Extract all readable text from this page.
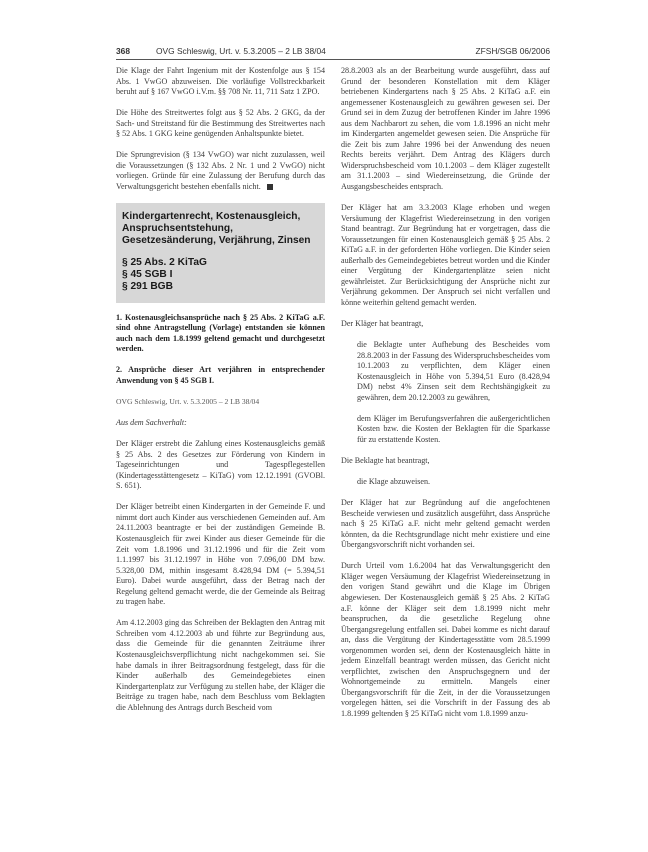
368	OVG Schleswig, Urt. v. 5.3.2005 – 2 LB 38/04	ZFSH/SGB 06/2006

Die Klage der Fahrt Ingenium mit der Kostenfolge aus § 154 Abs. 1 VwGO abzuweisen. Die vorläufige Vollstreckbarkeit beruht auf § 167 VwGO i.V.m. §§ 708 Nr. 11, 711 Satz 1 ZPO.

Die Höhe des Streitwertes folgt aus § 52 Abs. 2 GKG, da der Sach- und Streitstand für die Bestimmung des Streitwertes nach § 52 Abs. 1 GKG keine genügenden Anhaltspunkte bietet.

Die Sprungrevision (§ 134 VwGO) war nicht zuzulassen, weil die Voraussetzungen (§ 132 Abs. 2 Nr. 1 und 2 VwGO) nicht vorliegen. Gründe für eine Zulassung der Berufung durch das Verwaltungsgericht bestehen ebenfalls nicht.

Kindergartenrecht, Kostenausgleich, Anspruchsentstehung, Gesetzesänderung, Verjährung, Zinsen
§ 25 Abs. 2 KiTaG
§ 45 SGB I
§ 291 BGB

1. Kostenausgleichsansprüche nach § 25 Abs. 2 KiTaG a.F. sind ohne Antragstellung (Vorlage) entstanden sie können auch nach dem 1.8.1999 geltend gemacht und durchgesetzt werden.

2. Ansprüche dieser Art verjähren in entsprechender Anwendung von § 45 SGB I.

OVG Schleswig, Urt. v. 5.3.2005 – 2 LB 38/04

Aus dem Sachverhalt:

Der Kläger erstrebt die Zahlung eines Kostenausgleichs gemäß § 25 Abs. 2 des Gesetzes zur Förderung von Kindern in Tageseinrichtungen und Tagespflegestellen (Kindertagesstättengesetz – KiTaG) vom 12.12.1991 (GVOBl. S. 651).

Der Kläger betreibt einen Kindergarten in der Gemeinde F. und nimmt dort auch Kinder aus verschiedenen Gemeinden auf. Am 24.11.2003 beantragte er bei der zuständigen Gemeinde B. Kostenausgleich für zwei Kinder aus dieser Gemeinde für die Zeit vom 1.8.1996 und 31.12.1996 und für die Zeit vom 1.1.1997 bis 31.12.1997 in Höhe von 7.096,00 DM bzw. 5.328,00 DM, mithin insgesamt 8.428,94 DM (= 5.394,51 Euro). Dabei wurde ausgeführt, dass der Betrag nach der Regelung geltend gemacht werde, die der Gemeinde als Beitrag zu tragen habe.

Am 4.12.2003 ging das Schreiben der Beklagten den Antrag mit Schreiben vom 4.12.2003 ab und führte zur Begründung aus, dass die Gemeinde für die genannten Zeiträume ihrer Kostenausgleichsverpflichtung nicht nachgekommen sei. Sie habe damals in ihrer Beitragsordnung festgelegt, dass für die Kinder außerhalb des Gemeindegebietes einen Kindergartenplatz zur Verfügung zu stellen habe, der Kläger die Beiträge zu tragen habe, nach dem Beschluss vom Beklagten die Ablehnung des Antrags durch Bescheid vom

28.8.2003 als an der Bearbeitung wurde ausgeführt, dass auf Grund der besonderen Konstellation mit dem Kläger betriebenen Kindergartens nach § 25 Abs. 2 KiTaG a.F. ein angemessener Kostenausgleich zu gewähren gewesen sei. Der Grund sei in dem Zuzug der betroffenen Kinder im Jahre 1996 aus dem Nachbarort zu sehen, die vom 1.8.1996 an nicht mehr im Kindergarten angemeldet gewesen seien. Die Ansprüche für die Zeit bis zum Jahre 1996 bei der Anwendung des neuen Rechts bereits verjährt. Dem Antrag des Klägers durch Widerspruchsbescheid vom 10.1.2003 – dem Kläger zugestellt am 31.1.2003 – sind Wiedereinsetzung, die Gründe der Ausgangsbescheides entsprach.

Der Kläger hat am 3.3.2003 Klage erhoben und wegen Versäumung der Klagefrist Wiedereinsetzung in den vorigen Stand beantragt. Zur Begründung hat er vorgetragen, dass die Voraussetzungen für einen Kostenausgleich gemäß § 25 Abs. 2 KiTaG a.F. in der geforderten Höhe vorliegen. Die Kinder seien außerhalb des Gemeindegebietes betreut worden und die Kinder einer Vergütung der Kindergartenplätze seien nicht gewährleistet. Zur Berücksichtigung der Ansprüche nicht zur Verjährung gekommen. Der Anspruch sei nicht verfallen und könne weiterhin geltend gemacht werden.

Der Kläger hat beantragt,

die Beklagte unter Aufhebung des Bescheides vom 28.8.2003 in der Fassung des Widerspruchsbescheides vom 10.1.2003 zu verpflichten, dem Kläger einen Kostenausgleich in Höhe von 5.394,51 Euro (8.428,94 DM) nebst 4% Zinsen seit dem Rechtshängigkeit zu gewähren, dem 20.12.2003 zu gewähren,

dem Kläger im Berufungsverfahren die außergerichtlichen Kosten bzw. die Kosten der Beklagten für die Sparkasse für zu erstattende Kosten.

Die Beklagte hat beantragt,

die Klage abzuweisen.

Der Kläger hat zur Begründung auf die angefochtenen Bescheide verwiesen und zusätzlich ausgeführt, dass Ansprüche nach § 25 KiTaG a.F. nicht mehr geltend gemacht werden könnten, da die Rechtsgrundlage nicht mehr existiere und eine Übergangsvorschrift nicht vorhanden sei.

Durch Urteil vom 1.6.2004 hat das Verwaltungsgericht den Kläger wegen Versäumung der Klagefrist Wiedereinsetzung in den vorigen Stand gewährt und die Klage im Übrigen abgewiesen. Der Kostenausgleich gemäß § 25 Abs. 2 KiTaG a.F. könne der Kläger seit dem 1.8.1999 nicht mehr beanspruchen, da die gesetzliche Regelung ohne Übergangsregelung entfallen sei. Dabei komme es nicht darauf an, dass die Vergütung der Kindertagesstätte vom 28.5.1999 vorgenommen worden sei, denn der Kostenausgleich hätte in jedem Einzelfall beantragt werden müssen, das Gericht nicht verpflichtet, zwischen den Anspruchsgegnern und der Wohnortgemeinde zu ermitteln. Mangels einer Übergangsvorschrift für die Zeit, in der die Voraussetzungen vorgelegen hätten, sei die Vorschrift in der Fassung des ab 1.8.1999 geltenden § 25 KiTaG nicht vom 1.8.1999 anzu-
